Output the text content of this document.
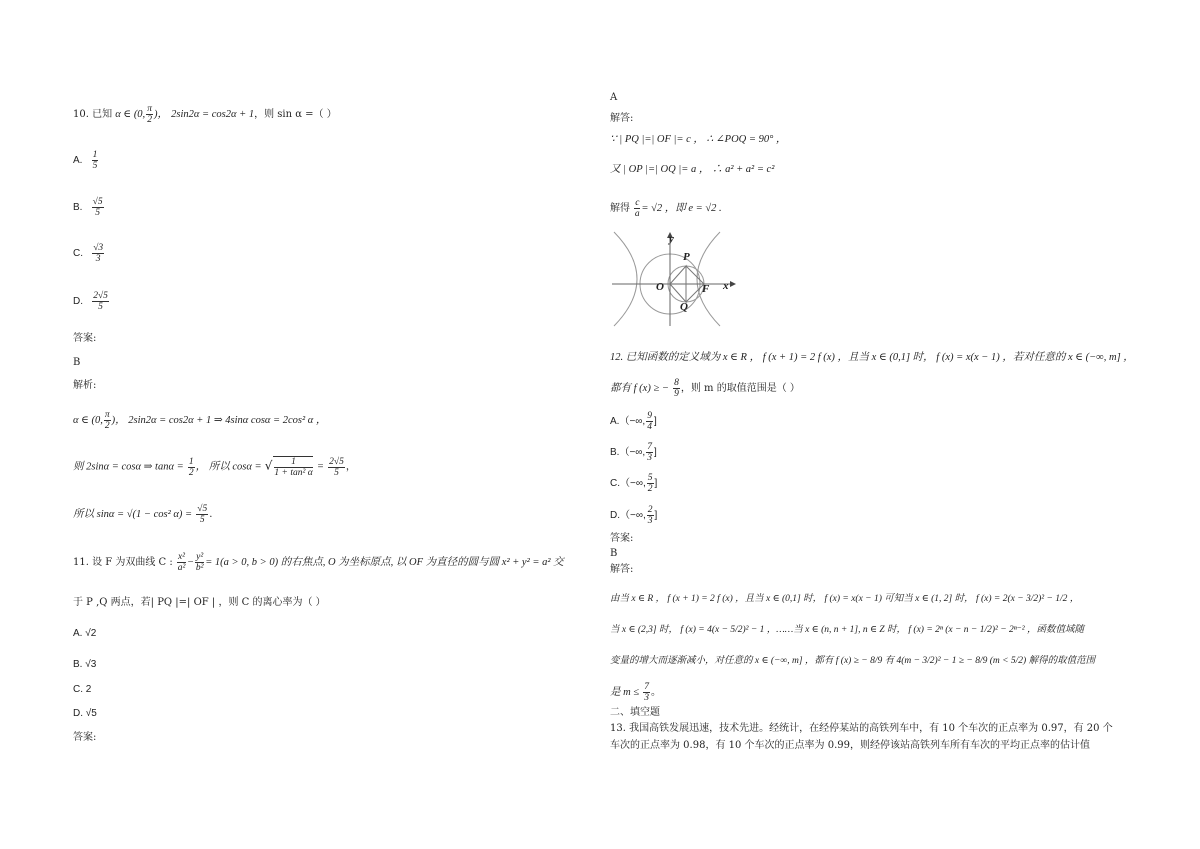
10. 已知 α ∈ (0, $\frac{\pi}{2}$ )， 2sin2α = cos2α + 1，则 sin α =（ ）
A. $\frac{1}{5}$
B. $\frac{√5}{5}$
C. $\frac{√3}{3}$
D. $\frac{2√5}{5}$
答案:
B
解析:
α ∈ (0, $\frac{\pi}{2}$ )， 2sin2α = cos2α + 1 ⇒ 4sinα cosα = 2cos² α ，
则 2sinα = cosα ⇒ $\tan\alpha = \frac{1}{2}$ ， 所以 cosα = √ $\frac{1}{\text{1 + tan² α}} = \frac{2√5}{5}$ ，
所以 sinα = √(1 − cos² $\alpha) = \frac{√5}{5}$ .
11. 设 F 为双曲线 C : $\frac{\text{x²}}{\text{a²}} - \frac{\text{y²}}{\text{b²}} = 1(a > 0$, b > 0) 的右焦点, O 为坐标原点, 以 OF 为直径的圆与圆 x² + y² = a² 交
于 P ,Q 两点，若| PQ |=| OF | ，则 C 的离心率为（ ）
A. √2
B. √3
C. 2
D. √5
答案:
A
解答:
∵ | PQ |=| OF |= c ， ∴ ∠POQ = 90° ，
又 | OP |=| OQ |= a ， ∴ a² + a² = c²
解得 $\frac{c}{a} = √2$ ，即 e = √2 .
y
x
P
O
Q
F
12. 已知函数的定义域为 x ∈ R ， f (x + 1) = 2 f (x) ，且当 x ∈ (0,1] 时， f (x) = x(x − 1) ，若对任意的 x ∈ (−∞, m] ，
都有 f (x) ≥ − $\frac{8}{9}$ ，则 m 的取值范围是（ ）
A.（−∞, $\frac{9}{4}$ ]
B.（−∞, $\frac{7}{3}$ ]
C.（−∞, $\frac{5}{2}$ ]
D.（−∞, $\frac{2}{3}$ ]
答案:
B
解答:
由当 x ∈ R ， f (x + 1) = 2 f (x) ，且当 x ∈ (0,1] 时， f (x) = x(x − 1) 可知当 x ∈ (1, 2] 时， f (x) = 2(x − 3/2)² − 1/2 ，
当 x ∈ (2,3] 时， f (x) = 4(x − 5/2)² − 1 ，……当 x ∈ (n, n + 1], n ∈ Z 时， f (x) = 2ⁿ (x − n − 1/2)² − 2ⁿ⁻² ，函数值域随
变量的增大而逐渐减小，对任意的 x ∈ (−∞, m] ，都有 f (x) ≥ − 8/9 有 4(m − 3/2)² − 1 ≥ − 8/9 (m < 5/2) 解得的取值范围
是 $m \le \frac{7}{3}$ 。
二、填空题
13. 我国高铁发展迅速，技术先进。经统计，在经停某站的高铁列车中，有 10 个车次的正点率为 0.97，有 20 个
车次的正点率为 0.98，有 10 个车次的正点率为 0.99，则经停该站高铁列车所有车次的平均正点率的估计值
